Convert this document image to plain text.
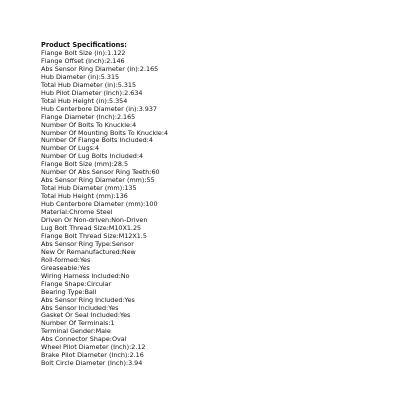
Product Specifications:
Flange Bolt Size (in):1.122
Flange Offset (Inch):2.146
Abs Sensor Ring Diameter (in):2.165
Hub Diameter (in):5.315
Total Hub Diameter (in):5.315
Hub Pilot Diameter (Inch):2.634
Total Hub Height (in):5.354
Hub Centerbore Diameter (in):3.937
Flange Diameter (Inch):2.165
Number Of Bolts To Knuckle:4
Number Of Mounting Bolts To Knuckle:4
Number Of Flange Bolts Included:4
Number Of Lugs:4
Number Of Lug Bolts Included:4
Flange Bolt Size (mm):28.5
Number Of Abs Sensor Ring Teeth:60
Abs Sensor Ring Diameter (mm):55
Total Hub Diameter (mm):135
Total Hub Height (mm):136
Hub Centerbore Diameter (mm):100
Material:Chrome Steel
Driven Or Non-driven:Non-Driven
Lug Bolt Thread Size:M10X1.25
Flange Bolt Thread Size:M12X1.5
Abs Sensor Ring Type:Sensor
New Or Remanufactured:New
Roll-formed:Yes
Greaseable:Yes
Wiring Harness Included:No
Flange Shape:Circular
Bearing Type:Ball
Abs Sensor Ring Included:Yes
Abs Sensor Included:Yes
Gasket Or Seal Included:Yes
Number Of Terminals:1
Terminal Gender:Male
Abs Connector Shape:Oval
Wheel Pilot Diameter (Inch):2.12
Brake Pilot Diameter (Inch):2.16
Bolt Circle Diameter (Inch):3.94
